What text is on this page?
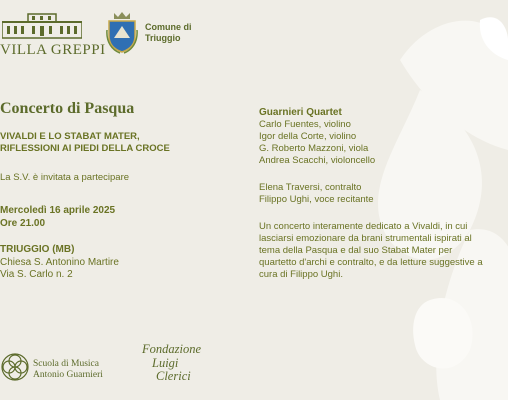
VILLA GREPPI
Comune di
Triuggio
Concerto di Pasqua
VIVALDI E LO STABAT MATER,
RIFLESSIONI AI PIEDI DELLA CROCE
La S.V. è invitata a partecipare
Mercoledì 16 aprile 2025
Ore 21.00
TRIUGGIO (MB)
Chiesa S. Antonino Martire
Via S. Carlo n. 2
Guarnieri Quartet
Carlo Fuentes, violino
Igor della Corte, violino
G. Roberto Mazzoni, viola
Andrea Scacchi, violoncello
Elena Traversi, contralto
Filippo Ughi, voce recitante
Un concerto interamente dedicato a Vivaldi, in cui lasciarsi emozionare da brani strumentali ispirati al tema della Pasqua e dal suo Stabat Mater per quartetto d'archi e contralto, e da letture suggestive a cura di Filippo Ughi.
Scuola di Musica
Antonio Guarnieri
Fondazione
Luigi
Clerici
